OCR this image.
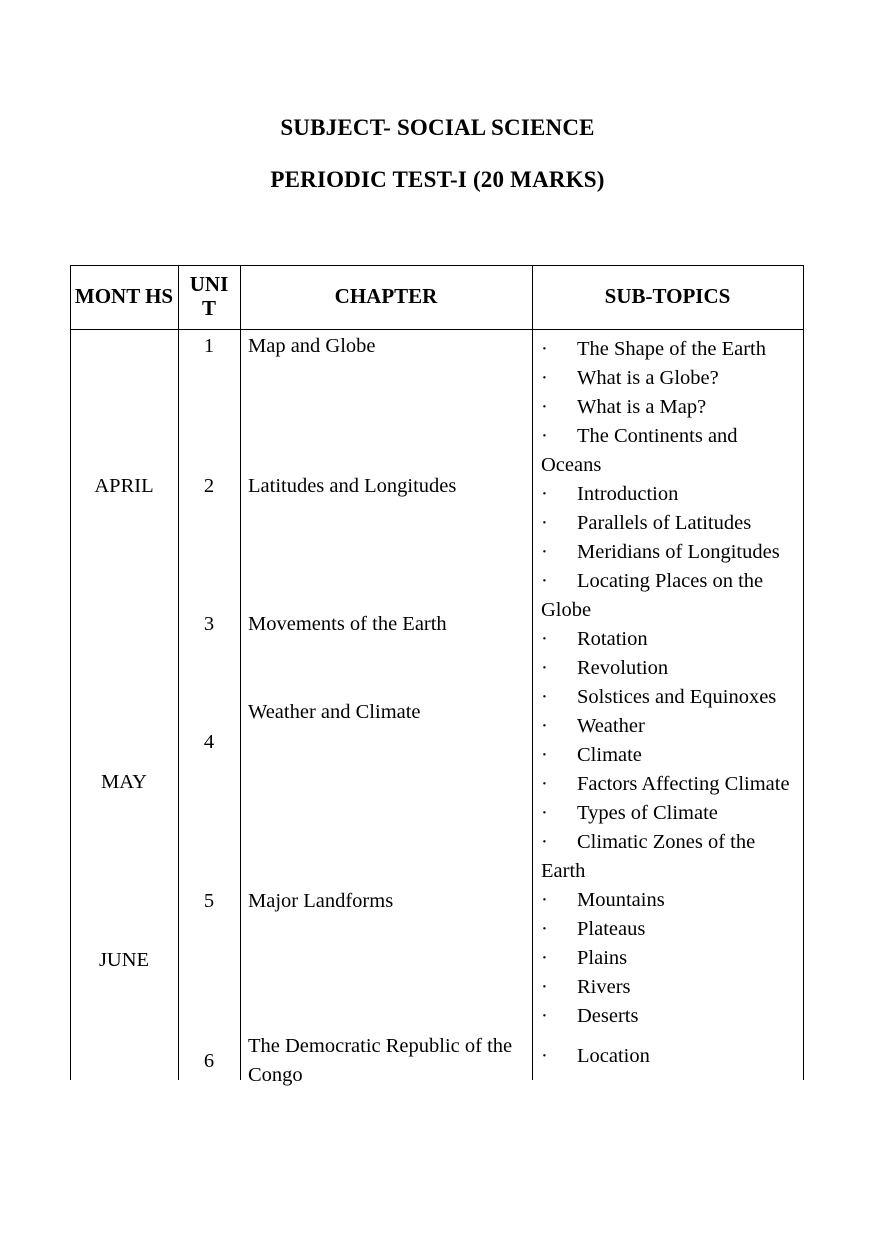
SUBJECT- SOCIAL SCIENCE
PERIODIC TEST-I (20 MARKS)
MONT HS UNI T	CHAPTER	SUB-TOPICS
APRIL
MAY
JUNE
1
2
3
4
5
6
Map and Globe
Latitudes and Longitudes
Movements of the Earth
Weather and Climate
Major Landforms
The Democratic Republic of the Congo
· The Shape of the Earth
· What is a Globe?
· What is a Map?
· The Continents and Oceans
· Introduction
· Parallels of Latitudes
· Meridians of Longitudes
· Locating Places on the Globe
· Rotation
· Revolution
· Solstices and Equinoxes
· Weather
· Climate
· Factors Affecting Climate
· Types of Climate
· Climatic Zones of the Earth
· Mountains
· Plateaus
· Plains
· Rivers
· Deserts
· Location
